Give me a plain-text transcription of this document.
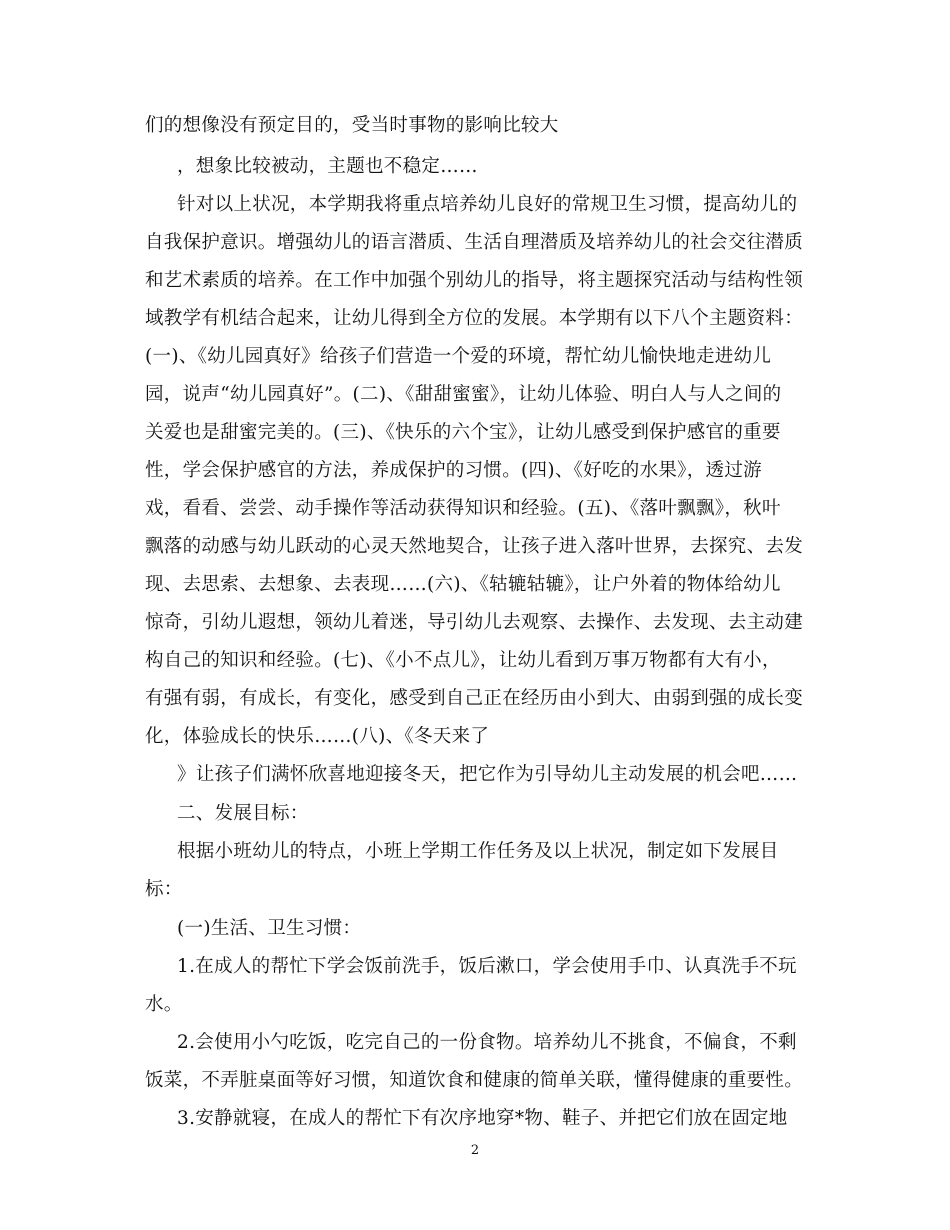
们的想像没有预定目的，受当时事物的影响比较大
，想象比较被动，主题也不稳定……
针对以上状况，本学期我将重点培养幼儿良好的常规卫生习惯，提高幼儿的
自我保护意识。增强幼儿的语言潜质、生活自理潜质及培养幼儿的社会交往潜质
和艺术素质的培养。在工作中加强个别幼儿的指导，将主题探究活动与结构性领
域教学有机结合起来，让幼儿得到全方位的发展。本学期有以下八个主题资料：
(一)、《幼儿园真好》给孩子们营造一个爱的环境，帮忙幼儿愉快地走进幼儿
园，说声“幼儿园真好”。(二)、《甜甜蜜蜜》，让幼儿体验、明白人与人之间的
关爱也是甜蜜完美的。(三)、《快乐的六个宝》，让幼儿感受到保护感官的重要
性，学会保护感官的方法，养成保护的习惯。(四)、《好吃的水果》，透过游
戏，看看、尝尝、动手操作等活动获得知识和经验。(五)、《落叶飘飘》，秋叶
飘落的动感与幼儿跃动的心灵天然地契合，让孩子进入落叶世界，去探究、去发
现、去思索、去想象、去表现……(六)、《轱辘轱辘》，让户外着的物体给幼儿
惊奇，引幼儿遐想，领幼儿着迷，导引幼儿去观察、去操作、去发现、去主动建
构自己的知识和经验。(七)、《小不点儿》，让幼儿看到万事万物都有大有小，
有强有弱，有成长，有变化，感受到自己正在经历由小到大、由弱到强的成长变
化，体验成长的快乐……(八)、《冬天来了
》让孩子们满怀欣喜地迎接冬天，把它作为引导幼儿主动发展的机会吧……
二、发展目标：
根据小班幼儿的特点，小班上学期工作任务及以上状况，制定如下发展目
标：
(一)生活、卫生习惯：
1.在成人的帮忙下学会饭前洗手，饭后漱口，学会使用手巾、认真洗手不玩
水。
2.会使用小勺吃饭，吃完自己的一份食物。培养幼儿不挑食，不偏食，不剩
饭菜，不弄脏桌面等好习惯，知道饮食和健康的简单关联，懂得健康的重要性。
3.安静就寝，在成人的帮忙下有次序地穿*物、鞋子、并把它们放在固定地
2
